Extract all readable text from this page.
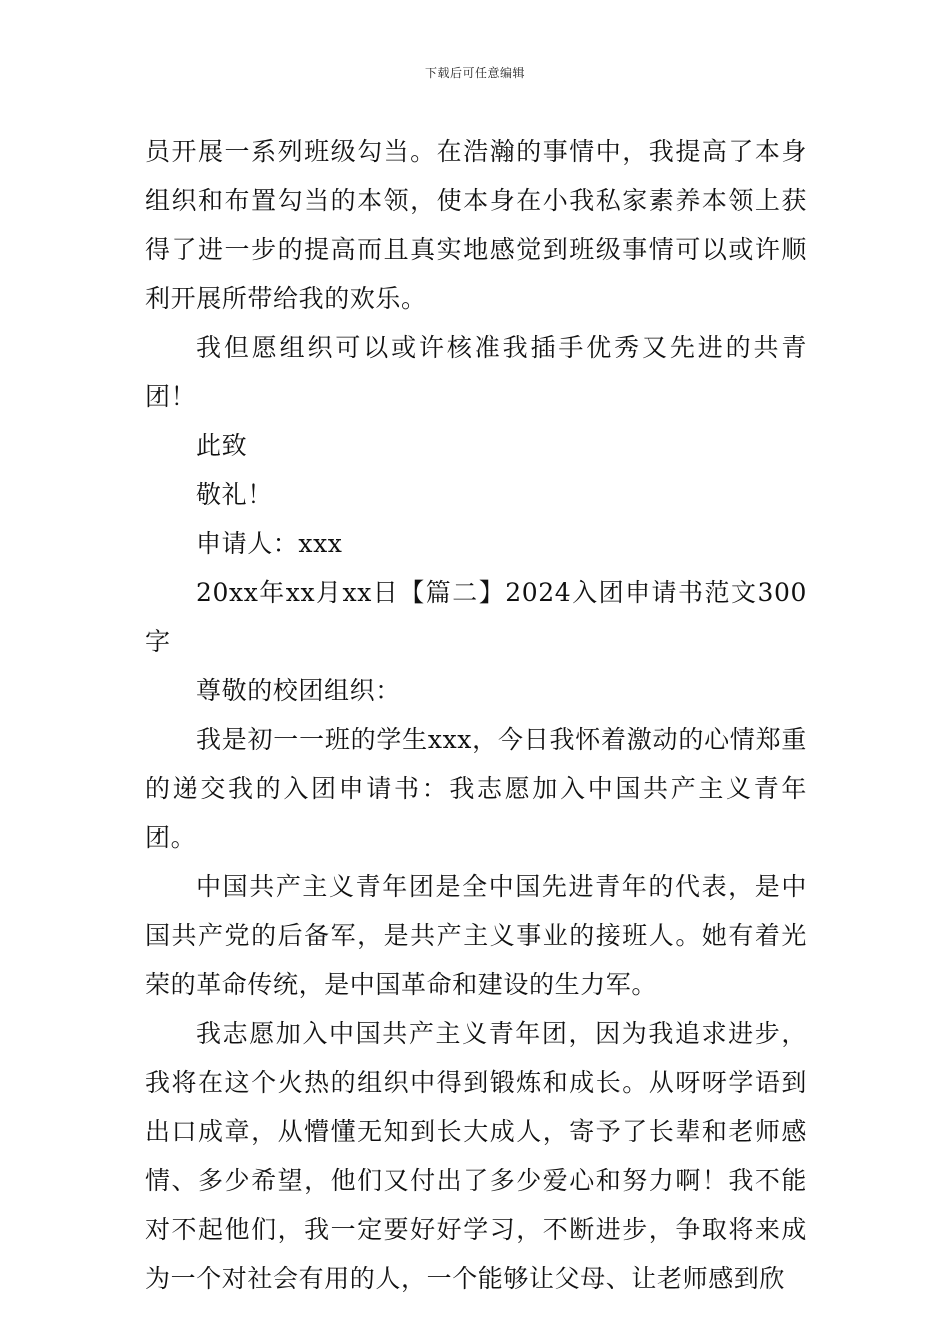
下载后可任意编辑

员开展一系列班级勾当。在浩瀚的事情中，我提高了本身组织和布置勾当的本领，使本身在小我私家素养本领上获得了进一步的提高而且真实地感觉到班级事情可以或许顺利开展所带给我的欢乐。

我但愿组织可以或许核准我插手优秀又先进的共青团！

此致

敬礼！

申请人：xxx

20xx年xx月xx日【篇二】2024入团申请书范文300字

尊敬的校团组织：

我是初一一班的学生xxx，今日我怀着激动的心情郑重的递交我的入团申请书：我志愿加入中国共产主义青年团。

中国共产主义青年团是全中国先进青年的代表，是中国共产党的后备军，是共产主义事业的接班人。她有着光荣的革命传统，是中国革命和建设的生力军。

我志愿加入中国共产主义青年团，因为我追求进步，我将在这个火热的组织中得到锻炼和成长。从呀呀学语到出口成章，从懵懂无知到长大成人，寄予了长辈和老师感情、多少希望，他们又付出了多少爱心和努力啊！我不能对不起他们，我一定要好好学习，不断进步，争取将来成为一个对社会有用的人，一个能够让父母、让老师感到欣
